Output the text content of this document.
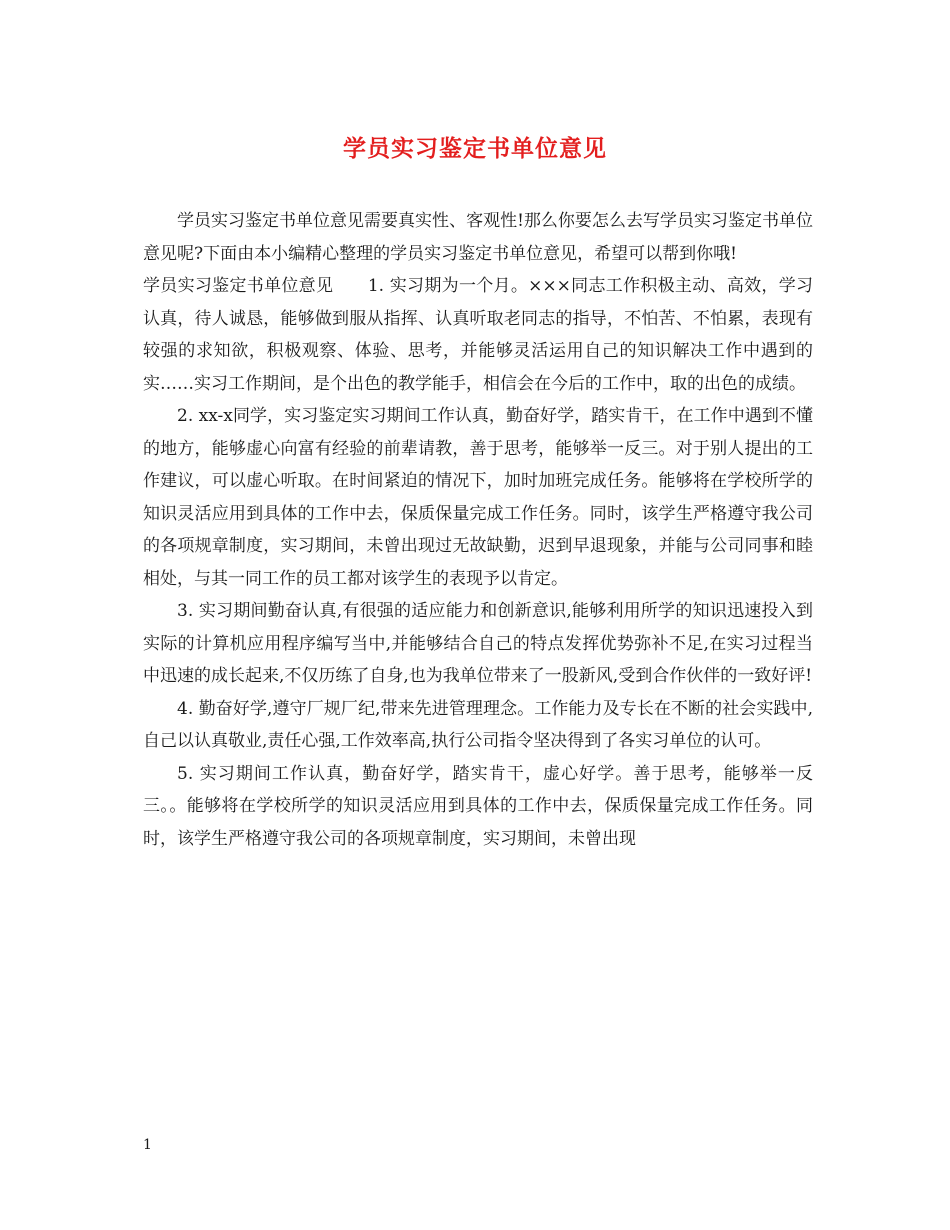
学员实习鉴定书单位意见

学员实习鉴定书单位意见需要真实性、客观性!那么你要怎么去写学员实习鉴定书单位意见呢?下面由本小编精心整理的学员实习鉴定书单位意见，希望可以帮到你哦!

学员实习鉴定书单位意见　　1. 实习期为一个月。×××同志工作积极主动、高效，学习认真，待人诚恳，能够做到服从指挥、认真听取老同志的指导，不怕苦、不怕累，表现有较强的求知欲，积极观察、体验、思考，并能够灵活运用自己的知识解决工作中遇到的实……实习工作期间，是个出色的教学能手，相信会在今后的工作中，取的出色的成绩。

2. xx-x同学，实习鉴定实习期间工作认真，勤奋好学，踏实肯干，在工作中遇到不懂的地方，能够虚心向富有经验的前辈请教，善于思考，能够举一反三。对于别人提出的工作建议，可以虚心听取。在时间紧迫的情况下，加时加班完成任务。能够将在学校所学的知识灵活应用到具体的工作中去，保质保量完成工作任务。同时，该学生严格遵守我公司的各项规章制度，实习期间，未曾出现过无故缺勤，迟到早退现象，并能与公司同事和睦相处，与其一同工作的员工都对该学生的表现予以肯定。

3. 实习期间勤奋认真,有很强的适应能力和创新意识,能够利用所学的知识迅速投入到实际的计算机应用程序编写当中,并能够结合自己的特点发挥优势弥补不足,在实习过程当中迅速的成长起来,不仅历练了自身,也为我单位带来了一股新风,受到合作伙伴的一致好评!

4. 勤奋好学,遵守厂规厂纪,带来先进管理理念。工作能力及专长在不断的社会实践中,自己以认真敬业,责任心强,工作效率高,执行公司指令坚决得到了各实习单位的认可。

5. 实习期间工作认真，勤奋好学，踏实肯干，虚心好学。善于思考，能够举一反三。。能够将在学校所学的知识灵活应用到具体的工作中去，保质保量完成工作任务。同时，该学生严格遵守我公司的各项规章制度，实习期间，未曾出现

1
